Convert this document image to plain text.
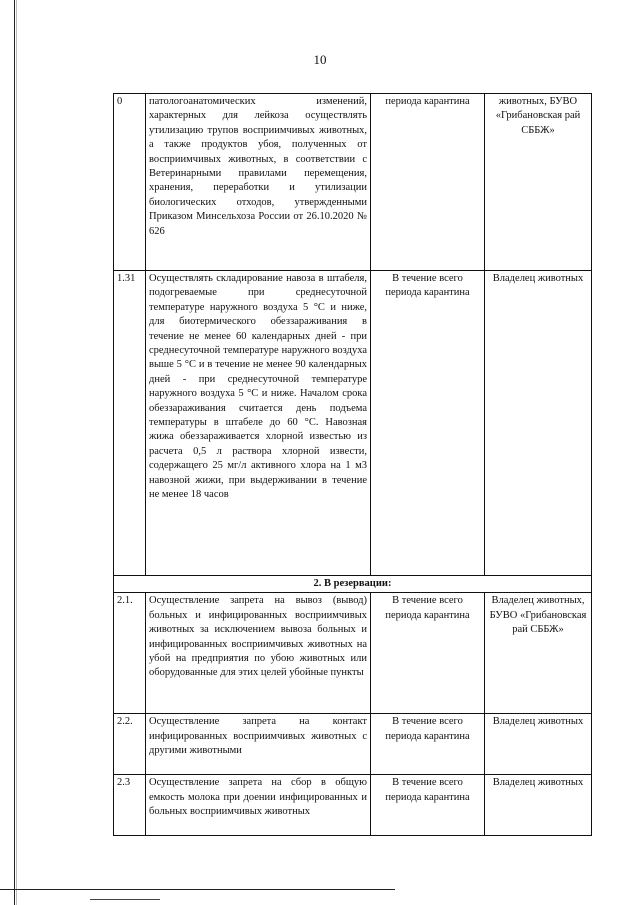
10
0	патологоанатомических изменений, характерных для лейкоза осуществлять утилизацию трупов восприимчивых животных, а также продуктов убоя, полученных от восприимчивых животных, в соответствии с Ветеринарными правилами перемещения, хранения, переработки и утилизации биологических отходов, утвержденными Приказом Минсельхоза России от 26.10.2020 № 626	периода карантина	животных, БУВО «Грибановская рай СББЖ»
1.31	Осуществлять складирование навоза в штабеля, подогреваемые при среднесуточной температуре наружного воздуха 5 °С и ниже, для биотермического обеззараживания в течение не менее 60 календарных дней - при среднесуточной температуре наружного воздуха выше 5 °С и в течение не менее 90 календарных дней - при среднесуточной температуре наружного воздуха 5 °С и ниже. Началом срока обеззараживания считается день подъема температуры в штабеле до 60 °С. Навозная жижа обеззараживается хлорной известью из расчета 0,5 л раствора хлорной извести, содержащего 25 мг/л активного хлора на 1 м3 навозной жижи, при выдерживании в течение не менее 18 часов	В течение всего периода карантина	Владелец животных
2. В резервации:			
2.1.	Осуществление запрета на вывоз (вывод) больных и инфицированных восприимчивых животных за исключением вывоза больных и инфицированных восприимчивых животных на убой на предприятия по убою животных или оборудованные для этих целей убойные пункты	В течение всего периода карантина	Владелец животных, БУВО «Грибановская рай СББЖ»
2.2.	Осуществление запрета на контакт инфицированных восприимчивых животных с другими животными	В течение всего периода карантина	Владелец животных
2.3	Осуществление запрета на сбор в общую емкость молока при доении инфицированных и больных восприимчивых животных	В течение всего периода карантина	Владелец животных
